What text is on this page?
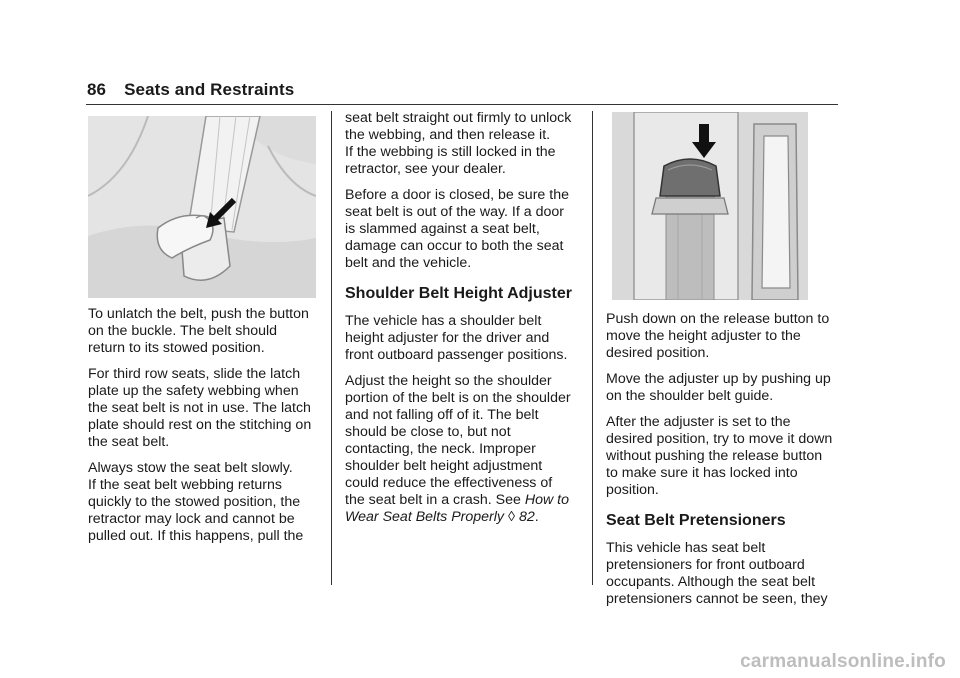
86 Seats and Restraints

To unlatch the belt, push the button
on the buckle. The belt should
return to its stowed position.

For third row seats, slide the latch
plate up the safety webbing when
the seat belt is not in use. The latch
plate should rest on the stitching on
the seat belt.

Always stow the seat belt slowly.
If the seat belt webbing returns
quickly to the stowed position, the
retractor may lock and cannot be
pulled out. If this happens, pull the

seat belt straight out firmly to unlock
the webbing, and then release it.
If the webbing is still locked in the
retractor, see your dealer.

Before a door is closed, be sure the
seat belt is out of the way. If a door
is slammed against a seat belt,
damage can occur to both the seat
belt and the vehicle.

Shoulder Belt Height Adjuster

The vehicle has a shoulder belt
height adjuster for the driver and
front outboard passenger positions.

Adjust the height so the shoulder
portion of the belt is on the shoulder
and not falling off of it. The belt
should be close to, but not
contacting, the neck. Improper
shoulder belt height adjustment
could reduce the effectiveness of
the seat belt in a crash. See How to
Wear Seat Belts Properly ◊ 82.

Push down on the release button to
move the height adjuster to the
desired position.

Move the adjuster up by pushing up
on the shoulder belt guide.

After the adjuster is set to the
desired position, try to move it down
without pushing the release button
to make sure it has locked into
position.

Seat Belt Pretensioners

This vehicle has seat belt
pretensioners for front outboard
occupants. Although the seat belt
pretensioners cannot be seen, they

carmanualsonline.info
